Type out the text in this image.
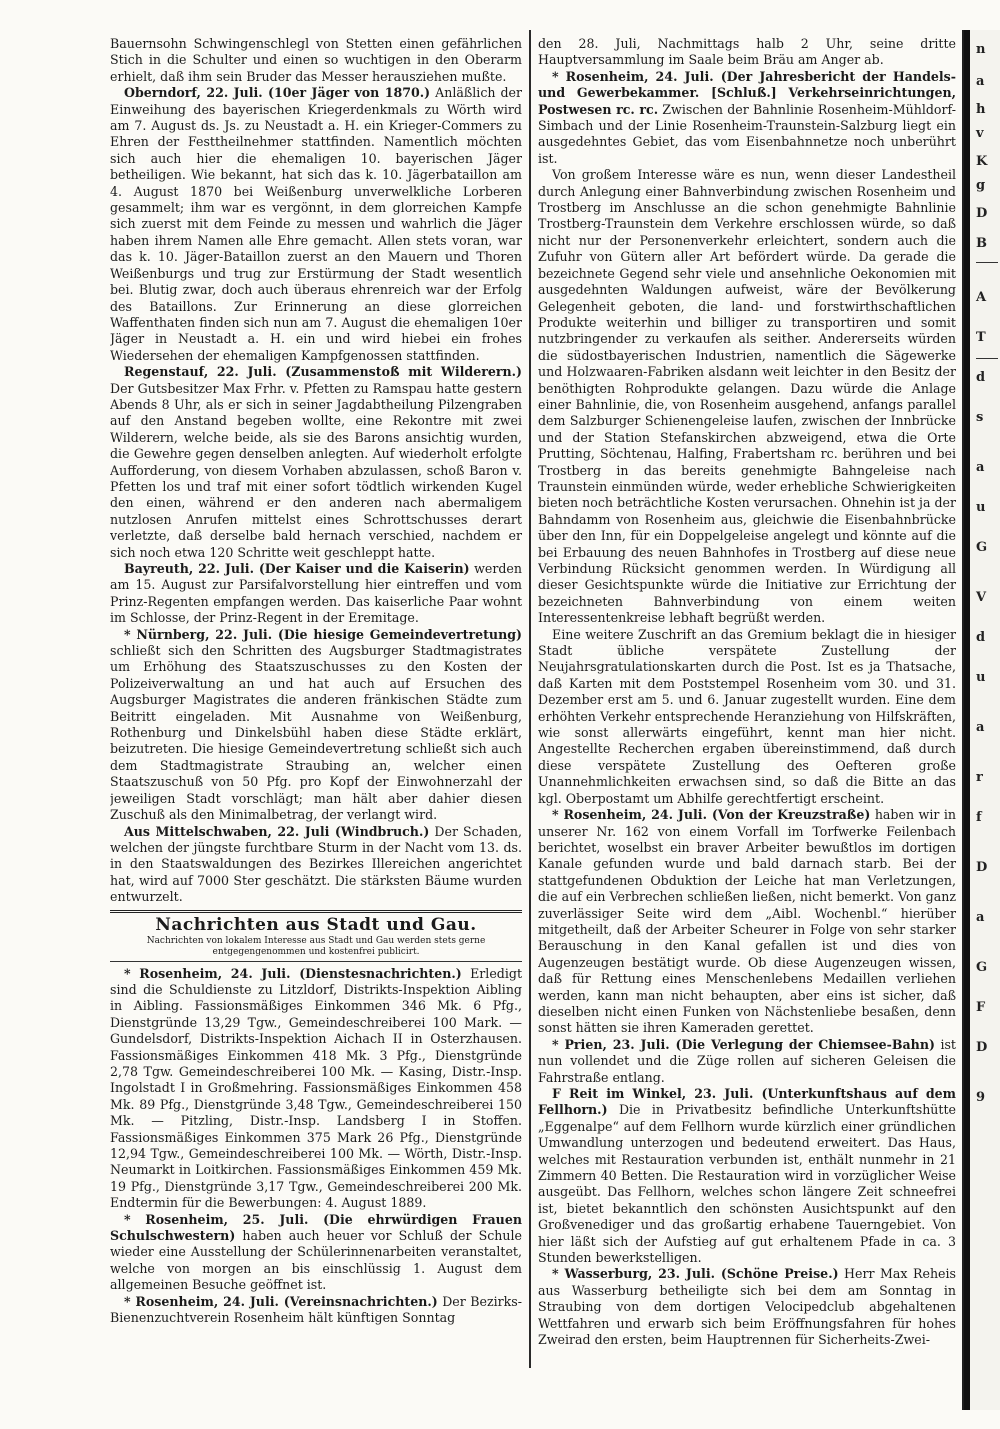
Bauernsohn Schwingenschlegl von Stetten einen gefährlichen Stich in die Schulter und einen so wuchtigen in den Oberarm erhielt, daß ihm sein Bruder das Messer herausziehen mußte.

Oberndorf, 22. Juli. (10er Jäger von 1870.) Anläßlich der Einweihung des bayerischen Kriegerdenkmals zu Wörth wird am 7. August ds. Js. zu Neustadt a. H. ein Krieger-Commers zu Ehren der Festtheilnehmer stattfinden. Namentlich möchten sich auch hier die ehemaligen 10. bayerischen Jäger betheiligen. Wie bekannt, hat sich das k. 10. Jägerbataillon am 4. August 1870 bei Weißenburg unverwelkliche Lorberen gesammelt; ihm war es vergönnt, in dem glorreichen Kampfe sich zuerst mit dem Feinde zu messen und wahrlich die Jäger haben ihrem Namen alle Ehre gemacht. Allen stets voran, war das k. 10. Jäger-Bataillon zuerst an den Mauern und Thoren Weißenburgs und trug zur Erstürmung der Stadt wesentlich bei. Blutig zwar, doch auch überaus ehrenreich war der Erfolg des Bataillons. Zur Erinnerung an diese glorreichen Waffenthaten finden sich nun am 7. August die ehemaligen 10er Jäger in Neustadt a. H. ein und wird hiebei ein frohes Wiedersehen der ehemaligen Kampfgenossen stattfinden.

Regenstauf, 22. Juli. (Zusammenstoß mit Wilderern.) Der Gutsbesitzer Max Frhr. v. Pfetten zu Ramspau hatte gestern Abends 8 Uhr, als er sich in seiner Jagdabtheilung Pilzengraben auf den Anstand begeben wollte, eine Rekontre mit zwei Wilderern, welche beide, als sie des Barons ansichtig wurden, die Gewehre gegen denselben anlegten. Auf wiederholt erfolgte Aufforderung, von diesem Vorhaben abzulassen, schoß Baron v. Pfetten los und traf mit einer sofort tödtlich wirkenden Kugel den einen, während er den anderen nach abermaligem nutzlosen Anrufen mittelst eines Schrottschusses derart verletzte, daß derselbe bald hernach verschied, nachdem er sich noch etwa 120 Schritte weit geschleppt hatte.

Bayreuth, 22. Juli. (Der Kaiser und die Kaiserin) werden am 15. August zur Parsifalvorstellung hier eintreffen und vom Prinz-Regenten empfangen werden. Das kaiserliche Paar wohnt im Schlosse, der Prinz-Regent in der Eremitage.

* Nürnberg, 22. Juli. (Die hiesige Gemeindevertretung) schließt sich den Schritten des Augsburger Stadtmagistrates um Erhöhung des Staatszuschusses zu den Kosten der Polizeiverwaltung an und hat auch auf Ersuchen des Augsburger Magistrates die anderen fränkischen Städte zum Beitritt eingeladen. Mit Ausnahme von Weißenburg, Rothenburg und Dinkelsbühl haben diese Städte erklärt, beizutreten. Die hiesige Gemeindevertretung schließt sich auch dem Stadtmagistrate Straubing an, welcher einen Staatszuschuß von 50 Pfg. pro Kopf der Einwohnerzahl der jeweiligen Stadt vorschlägt; man hält aber dahier diesen Zuschuß als den Minimalbetrag, der verlangt wird.

Aus Mittelschwaben, 22. Juli (Windbruch.) Der Schaden, welchen der jüngste furchtbare Sturm in der Nacht vom 13. ds. in den Staatswaldungen des Bezirkes Illereichen angerichtet hat, wird auf 7000 Ster geschätzt. Die stärksten Bäume wurden entwurzelt.

Nachrichten aus Stadt und Gau.
Nachrichten von lokalem Interesse aus Stadt und Gau werden stets gerne entgegengenommen und kostenfrei publicirt.

* Rosenheim, 24. Juli. (Dienstesnachrichten.) Erledigt sind die Schuldienste zu Litzldorf, Distrikts-Inspektion Aibling in Aibling. Fassionsmäßiges Einkommen 346 Mk. 6 Pfg., Dienstgründe 13,29 Tgw., Gemeindeschreiberei 100 Mark. — Gundelsdorf, Distrikts-Inspektion Aichach II in Osterzhausen. Fassionsmäßiges Einkommen 418 Mk. 3 Pfg., Dienstgründe 2,78 Tgw. Gemeindeschreiberei 100 Mk. — Kasing, Distr.-Insp. Ingolstadt I in Großmehring. Fassionsmäßiges Einkommen 458 Mk. 89 Pfg., Dienstgründe 3,48 Tgw., Gemeindeschreiberei 150 Mk. — Pitzling, Distr.-Insp. Landsberg I in Stoffen. Fassionsmäßiges Einkommen 375 Mark 26 Pfg., Dienstgründe 12,94 Tgw., Gemeindeschreiberei 100 Mk. — Wörth, Distr.-Insp. Neumarkt in Loitkirchen. Fassionsmäßiges Einkommen 459 Mk. 19 Pfg., Dienstgründe 3,17 Tgw., Gemeindeschreiberei 200 Mk. Endtermin für die Bewerbungen: 4. August 1889.

* Rosenheim, 25. Juli. (Die ehrwürdigen Frauen Schulschwestern) haben auch heuer vor Schluß der Schule wieder eine Ausstellung der Schülerinnenarbeiten veranstaltet, welche von morgen an bis einschlüssig 1. August dem allgemeinen Besuche geöffnet ist.

* Rosenheim, 24. Juli. (Vereinsnachrichten.) Der Bezirks-Bienenzuchtverein Rosenheim hält künftigen Sonntag

den 28. Juli, Nachmittags halb 2 Uhr, seine dritte Hauptversammlung im Saale beim Bräu am Anger ab.

* Rosenheim, 24. Juli. (Der Jahresbericht der Handels- und Gewerbekammer. [Schluß.] Verkehrseinrichtungen, Postwesen rc. rc. Zwischen der Bahnlinie Rosenheim-Mühldorf-Simbach und der Linie Rosenheim-Traunstein-Salzburg liegt ein ausgedehntes Gebiet, das vom Eisenbahnnetze noch unberührt ist.

Von großem Interesse wäre es nun, wenn dieser Landestheil durch Anlegung einer Bahnverbindung zwischen Rosenheim und Trostberg im Anschlusse an die schon genehmigte Bahnlinie Trostberg-Traunstein dem Verkehre erschlossen würde, so daß nicht nur der Personenverkehr erleichtert, sondern auch die Zufuhr von Gütern aller Art befördert würde. Da gerade die bezeichnete Gegend sehr viele und ansehnliche Oekonomien mit ausgedehnten Waldungen aufweist, wäre der Bevölkerung Gelegenheit geboten, die land- und forstwirthschaftlichen Produkte weiterhin und billiger zu transportiren und somit nutzbringender zu verkaufen als seither. Andererseits würden die südostbayerischen Industrien, namentlich die Sägewerke und Holzwaaren-Fabriken alsdann weit leichter in den Besitz der benöthigten Rohprodukte gelangen. Dazu würde die Anlage einer Bahnlinie, die, von Rosenheim ausgehend, anfangs parallel dem Salzburger Schienengeleise laufen, zwischen der Innbrücke und der Station Stefanskirchen abzweigend, etwa die Orte Prutting, Söchtenau, Halfing, Frabertsham rc. berühren und bei Trostberg in das bereits genehmigte Bahngeleise nach Traunstein einmünden würde, weder erhebliche Schwierigkeiten bieten noch beträchtliche Kosten verursachen. Ohnehin ist ja der Bahndamm von Rosenheim aus, gleichwie die Eisenbahnbrücke über den Inn, für ein Doppelgeleise angelegt und könnte auf die bei Erbauung des neuen Bahnhofes in Trostberg auf diese neue Verbindung Rücksicht genommen werden. In Würdigung all dieser Gesichtspunkte würde die Initiative zur Errichtung der bezeichneten Bahnverbindung von einem weiten Interessentenkreise lebhaft begrüßt werden.

Eine weitere Zuschrift an das Gremium beklagt die in hiesiger Stadt übliche verspätete Zustellung der Neujahrsgratulationskarten durch die Post. Ist es ja Thatsache, daß Karten mit dem Poststempel Rosenheim vom 30. und 31. Dezember erst am 5. und 6. Januar zugestellt wurden. Eine dem erhöhten Verkehr entsprechende Heranziehung von Hilfskräften, wie sonst allerwärts eingeführt, kennt man hier nicht. Angestellte Recherchen ergaben übereinstimmend, daß durch diese verspätete Zustellung des Oefteren große Unannehmlichkeiten erwachsen sind, so daß die Bitte an das kgl. Oberpostamt um Abhilfe gerechtfertigt erscheint.

* Rosenheim, 24. Juli. (Von der Kreuzstraße) haben wir in unserer Nr. 162 von einem Vorfall im Torfwerke Feilenbach berichtet, woselbst ein braver Arbeiter bewußtlos im dortigen Kanale gefunden wurde und bald darnach starb. Bei der stattgefundenen Obduktion der Leiche hat man Verletzungen, die auf ein Verbrechen schließen ließen, nicht bemerkt. Von ganz zuverlässiger Seite wird dem „Aibl. Wochenbl.“ hierüber mitgetheilt, daß der Arbeiter Scheurer in Folge von sehr starker Berauschung in den Kanal gefallen ist und dies von Augenzeugen bestätigt wurde. Ob diese Augenzeugen wissen, daß für Rettung eines Menschenlebens Medaillen verliehen werden, kann man nicht behaupten, aber eins ist sicher, daß dieselben nicht einen Funken von Nächstenliebe besaßen, denn sonst hätten sie ihren Kameraden gerettet.

* Prien, 23. Juli. (Die Verlegung der Chiemsee-Bahn) ist nun vollendet und die Züge rollen auf sicheren Geleisen die Fahrstraße entlang.

F Reit im Winkel, 23. Juli. (Unterkunftshaus auf dem Fellhorn.) Die in Privatbesitz befindliche Unterkunftshütte „Eggenalpe“ auf dem Fellhorn wurde kürzlich einer gründlichen Umwandlung unterzogen und bedeutend erweitert. Das Haus, welches mit Restauration verbunden ist, enthält nunmehr in 21 Zimmern 40 Betten. Die Restauration wird in vorzüglicher Weise ausgeübt. Das Fellhorn, welches schon längere Zeit schneefrei ist, bietet bekanntlich den schönsten Ausichtspunkt auf den Großvenediger und das großartig erhabene Tauerngebiet. Von hier läßt sich der Aufstieg auf gut erhaltenem Pfade in ca. 3 Stunden bewerkstelligen.

* Wasserburg, 23. Juli. (Schöne Preise.) Herr Max Reheis aus Wasserburg betheiligte sich bei dem am Sonntag in Straubing von dem dortigen Velocipedclub abgehaltenen Wettfahren und erwarb sich beim Eröffnungsfahren für hohes Zweirad den ersten, beim Hauptrennen für Sicherheits-Zwei-

n
a
h
v
K
g
D
B
A
T
d
s
a
u
G
V
d
u
a
r
f
D
a
G
F
D
9
